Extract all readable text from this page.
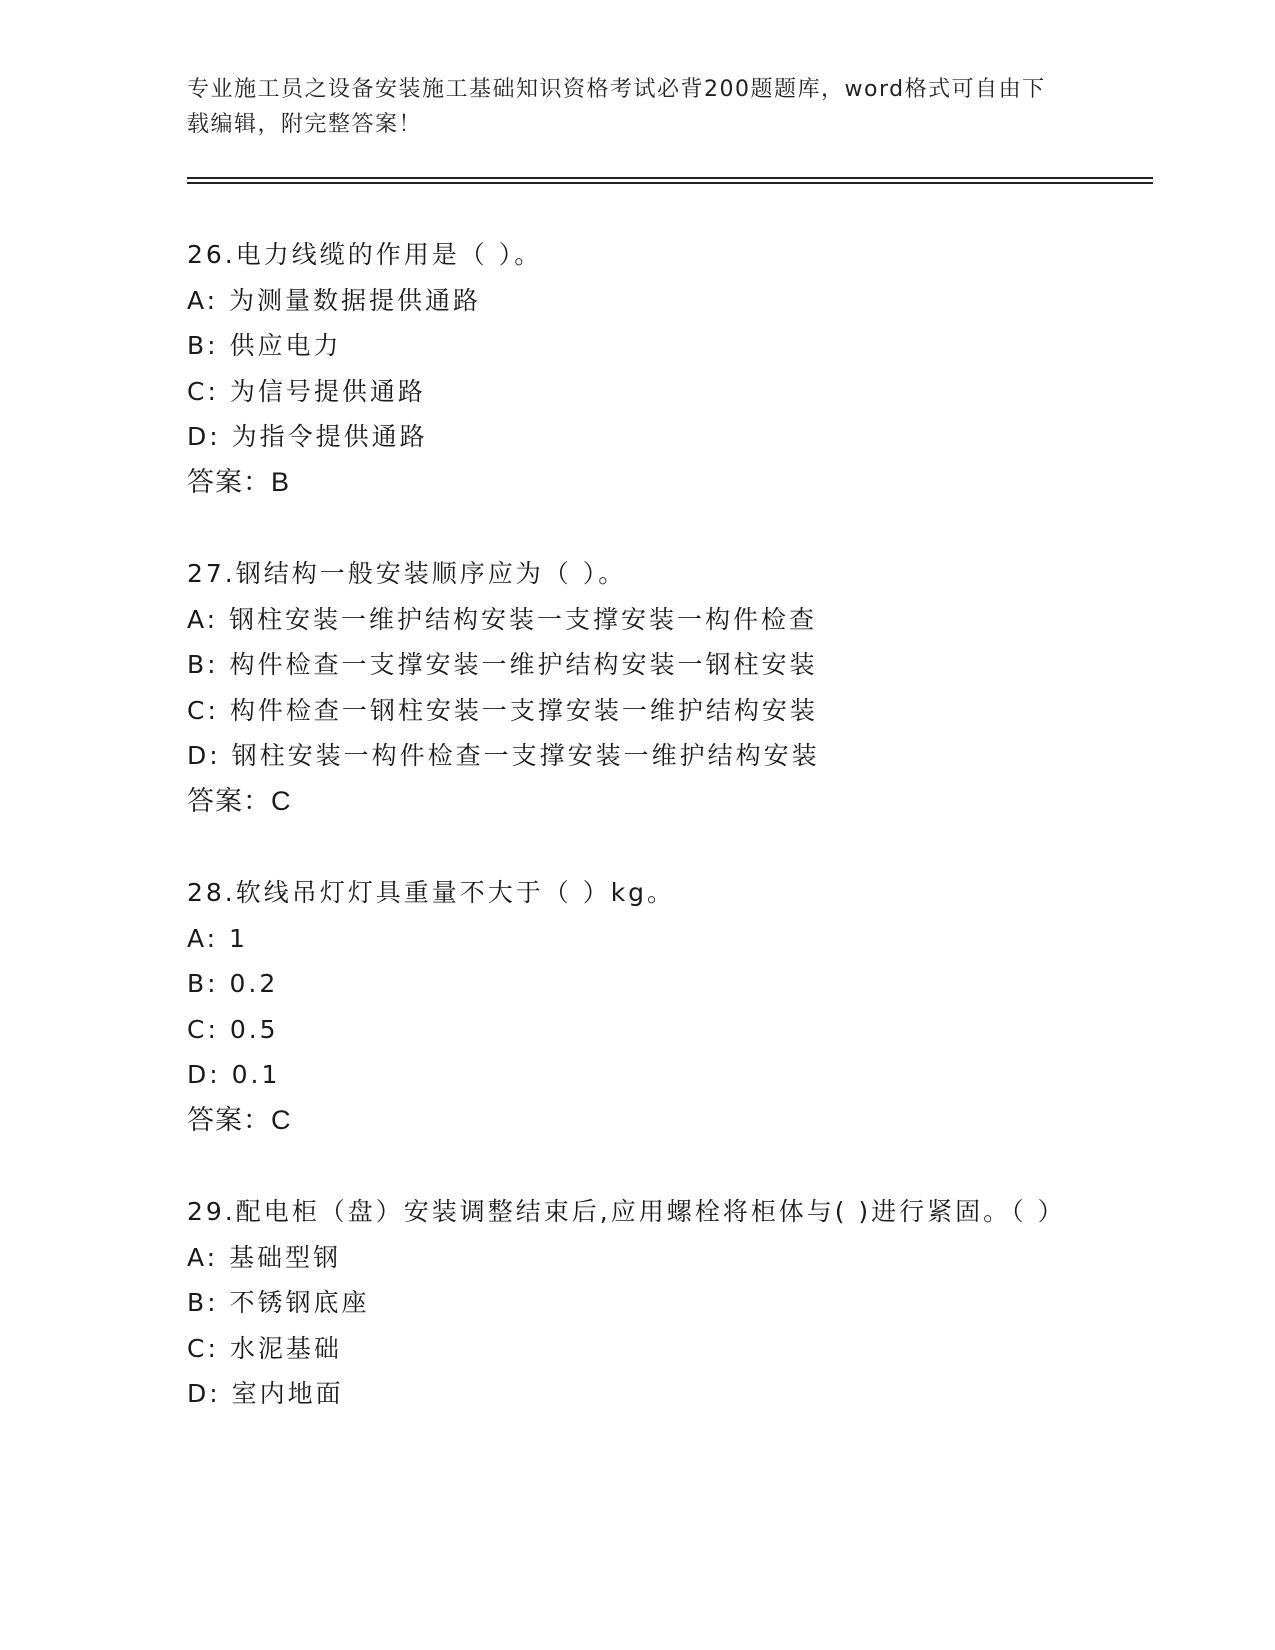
专业施工员之设备安装施工基础知识资格考试必背200题题库，word格式可自由下载编辑，附完整答案！
26.电力线缆的作用是（ ）。
A: 为测量数据提供通路
B: 供应电力
C: 为信号提供通路
D: 为指令提供通路
答案：B
27.钢结构一般安装顺序应为（ ）。
A: 钢柱安装一维护结构安装一支撑安装一构件检查
B: 构件检查一支撑安装一维护结构安装一钢柱安装
C: 构件检查一钢柱安装一支撑安装一维护结构安装
D: 钢柱安装一构件检查一支撑安装一维护结构安装
答案：C
28.软线吊灯灯具重量不大于（ ）kg。
A: 1
B: 0.2
C: 0.5
D: 0.1
答案：C
29.配电柜（盘）安装调整结束后,应用螺栓将柜体与( )进行紧固。（ ）
A: 基础型钢
B: 不锈钢底座
C: 水泥基础
D: 室内地面
